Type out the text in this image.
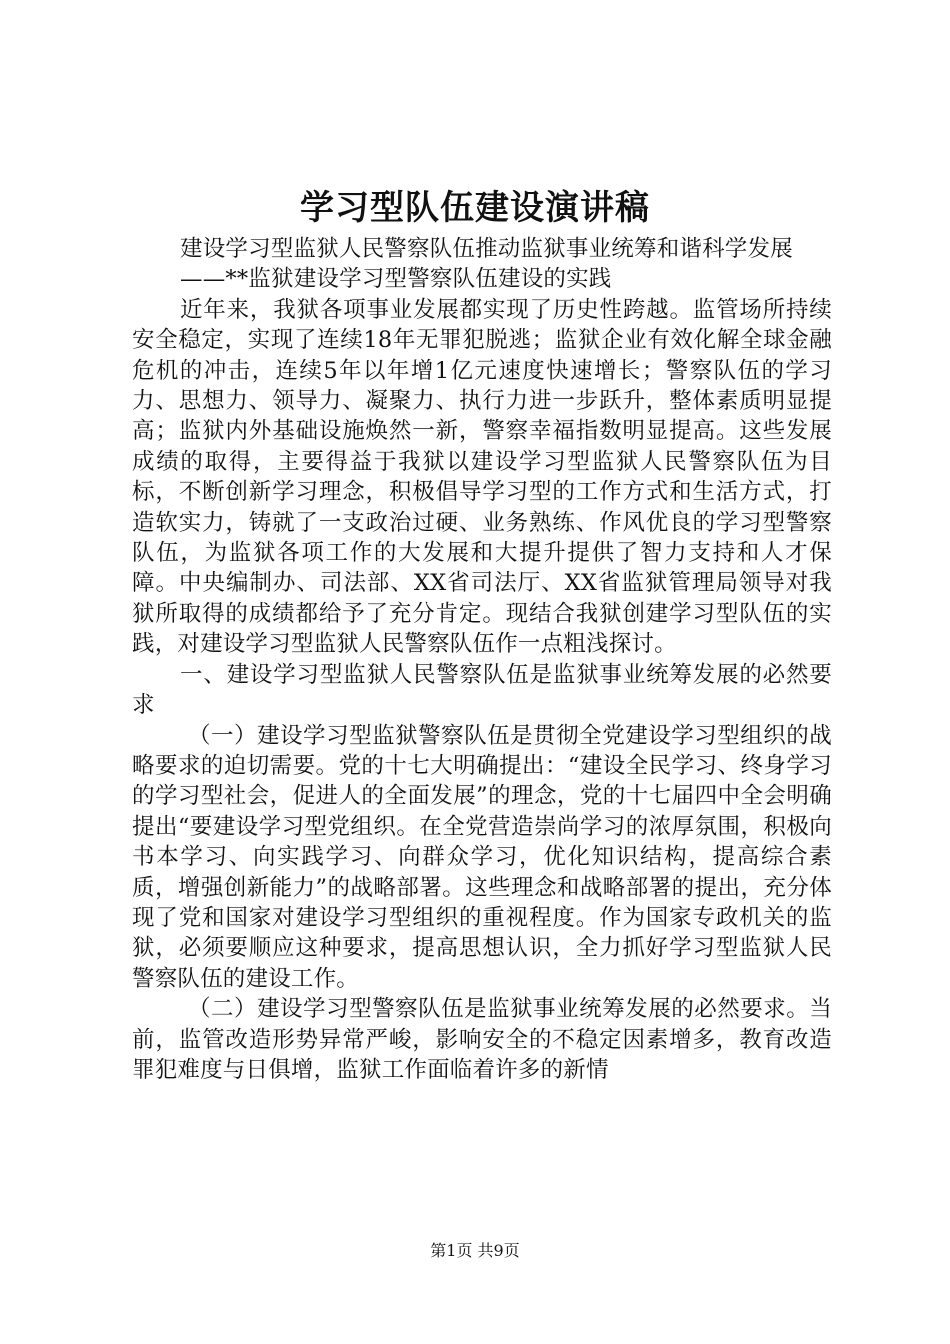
学习型队伍建设演讲稿

建设学习型监狱人民警察队伍推动监狱事业统筹和谐科学发展

——**监狱建设学习型警察队伍建设的实践

近年来，我狱各项事业发展都实现了历史性跨越。监管场所持续安全稳定，实现了连续18年无罪犯脱逃；监狱企业有效化解全球金融危机的冲击，连续5年以年增1亿元速度快速增长；警察队伍的学习力、思想力、领导力、凝聚力、执行力进一步跃升，整体素质明显提高；监狱内外基础设施焕然一新，警察幸福指数明显提高。这些发展成绩的取得，主要得益于我狱以建设学习型监狱人民警察队伍为目标，不断创新学习理念，积极倡导学习型的工作方式和生活方式，打造软实力，铸就了一支政治过硬、业务熟练、作风优良的学习型警察队伍，为监狱各项工作的大发展和大提升提供了智力支持和人才保障。中央编制办、司法部、XX省司法厅、XX省监狱管理局领导对我狱所取得的成绩都给予了充分肯定。现结合我狱创建学习型队伍的实践，对建设学习型监狱人民警察队伍作一点粗浅探讨。

一、建设学习型监狱人民警察队伍是监狱事业统筹发展的必然要求

（一）建设学习型监狱警察队伍是贯彻全党建设学习型组织的战略要求的迫切需要。党的十七大明确提出：“建设全民学习、终身学习的学习型社会，促进人的全面发展”的理念，党的十七届四中全会明确提出“要建设学习型党组织。在全党营造崇尚学习的浓厚氛围，积极向书本学习、向实践学习、向群众学习，优化知识结构，提高综合素质，增强创新能力”的战略部署。这些理念和战略部署的提出，充分体现了党和国家对建设学习型组织的重视程度。作为国家专政机关的监狱，必须要顺应这种要求，提高思想认识，全力抓好学习型监狱人民警察队伍的建设工作。

（二）建设学习型警察队伍是监狱事业统筹发展的必然要求。当前，监管改造形势异常严峻，影响安全的不稳定因素增多，教育改造罪犯难度与日俱增，监狱工作面临着许多的新情

第1页 共9页
